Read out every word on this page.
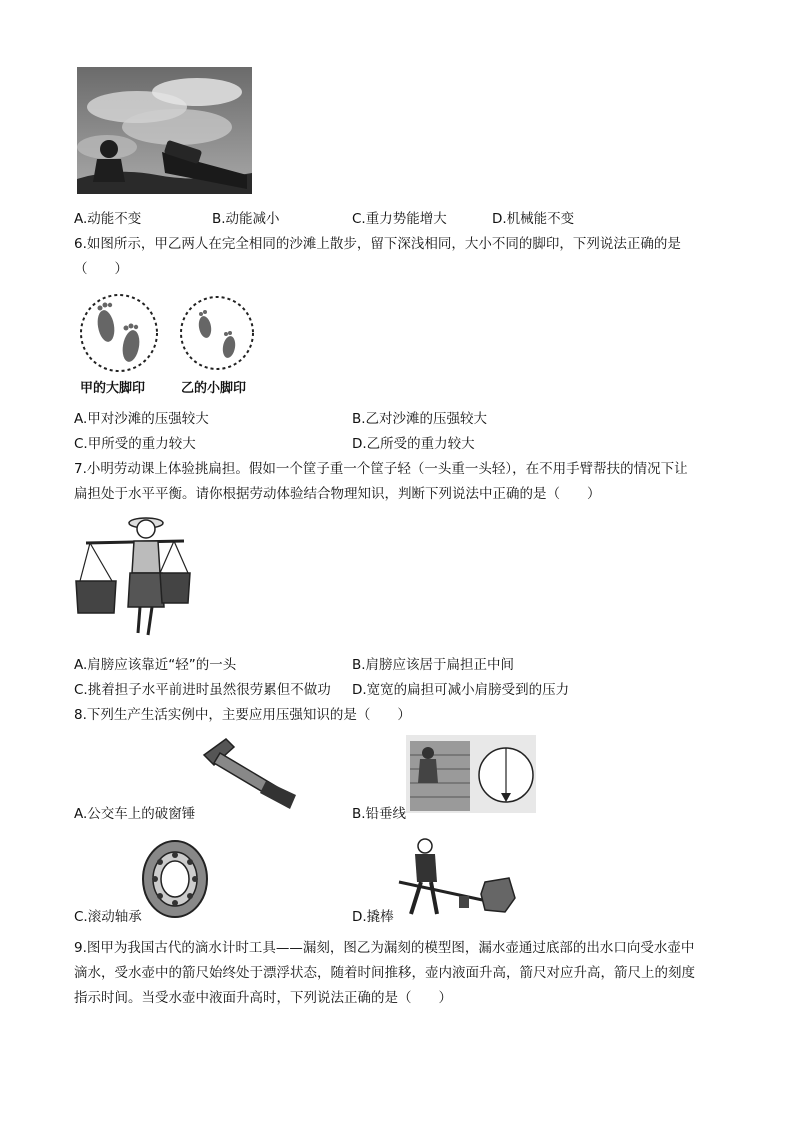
A.动能不变	B.动能减小	C.重力势能增大	D.机械能不变
6.如图所示，甲乙两人在完全相同的沙滩上散步，留下深浅相同，大小不同的脚印，下列说法正确的是
（　　）
甲的大脚印	乙的小脚印
A.甲对沙滩的压强较大	B.乙对沙滩的压强较大
C.甲所受的重力较大	D.乙所受的重力较大
7.小明劳动课上体验挑扁担。假如一个筐子重一个筐子轻（一头重一头轻），在不用手臂帮扶的情况下让
扁担处于水平平衡。请你根据劳动体验结合物理知识，判断下列说法中正确的是（　　）
A.肩膀应该靠近“轻”的一头	B.肩膀应该居于扁担正中间
C.挑着担子水平前进时虽然很劳累但不做功 D.宽宽的扁担可减小肩膀受到的压力
8.下列生产生活实例中，主要应用压强知识的是（　　）
A.公交车上的破窗锤	B.铅垂线
C.滚动轴承	D.撬棒
9.图甲为我国古代的滴水计时工具——漏刻，图乙为漏刻的模型图，漏水壶通过底部的出水口向受水壶中
滴水，受水壶中的箭尺始终处于漂浮状态，随着时间推移，壶内液面升高，箭尺对应升高，箭尺上的刻度
指示时间。当受水壶中液面升高时，下列说法正确的是（　　）
